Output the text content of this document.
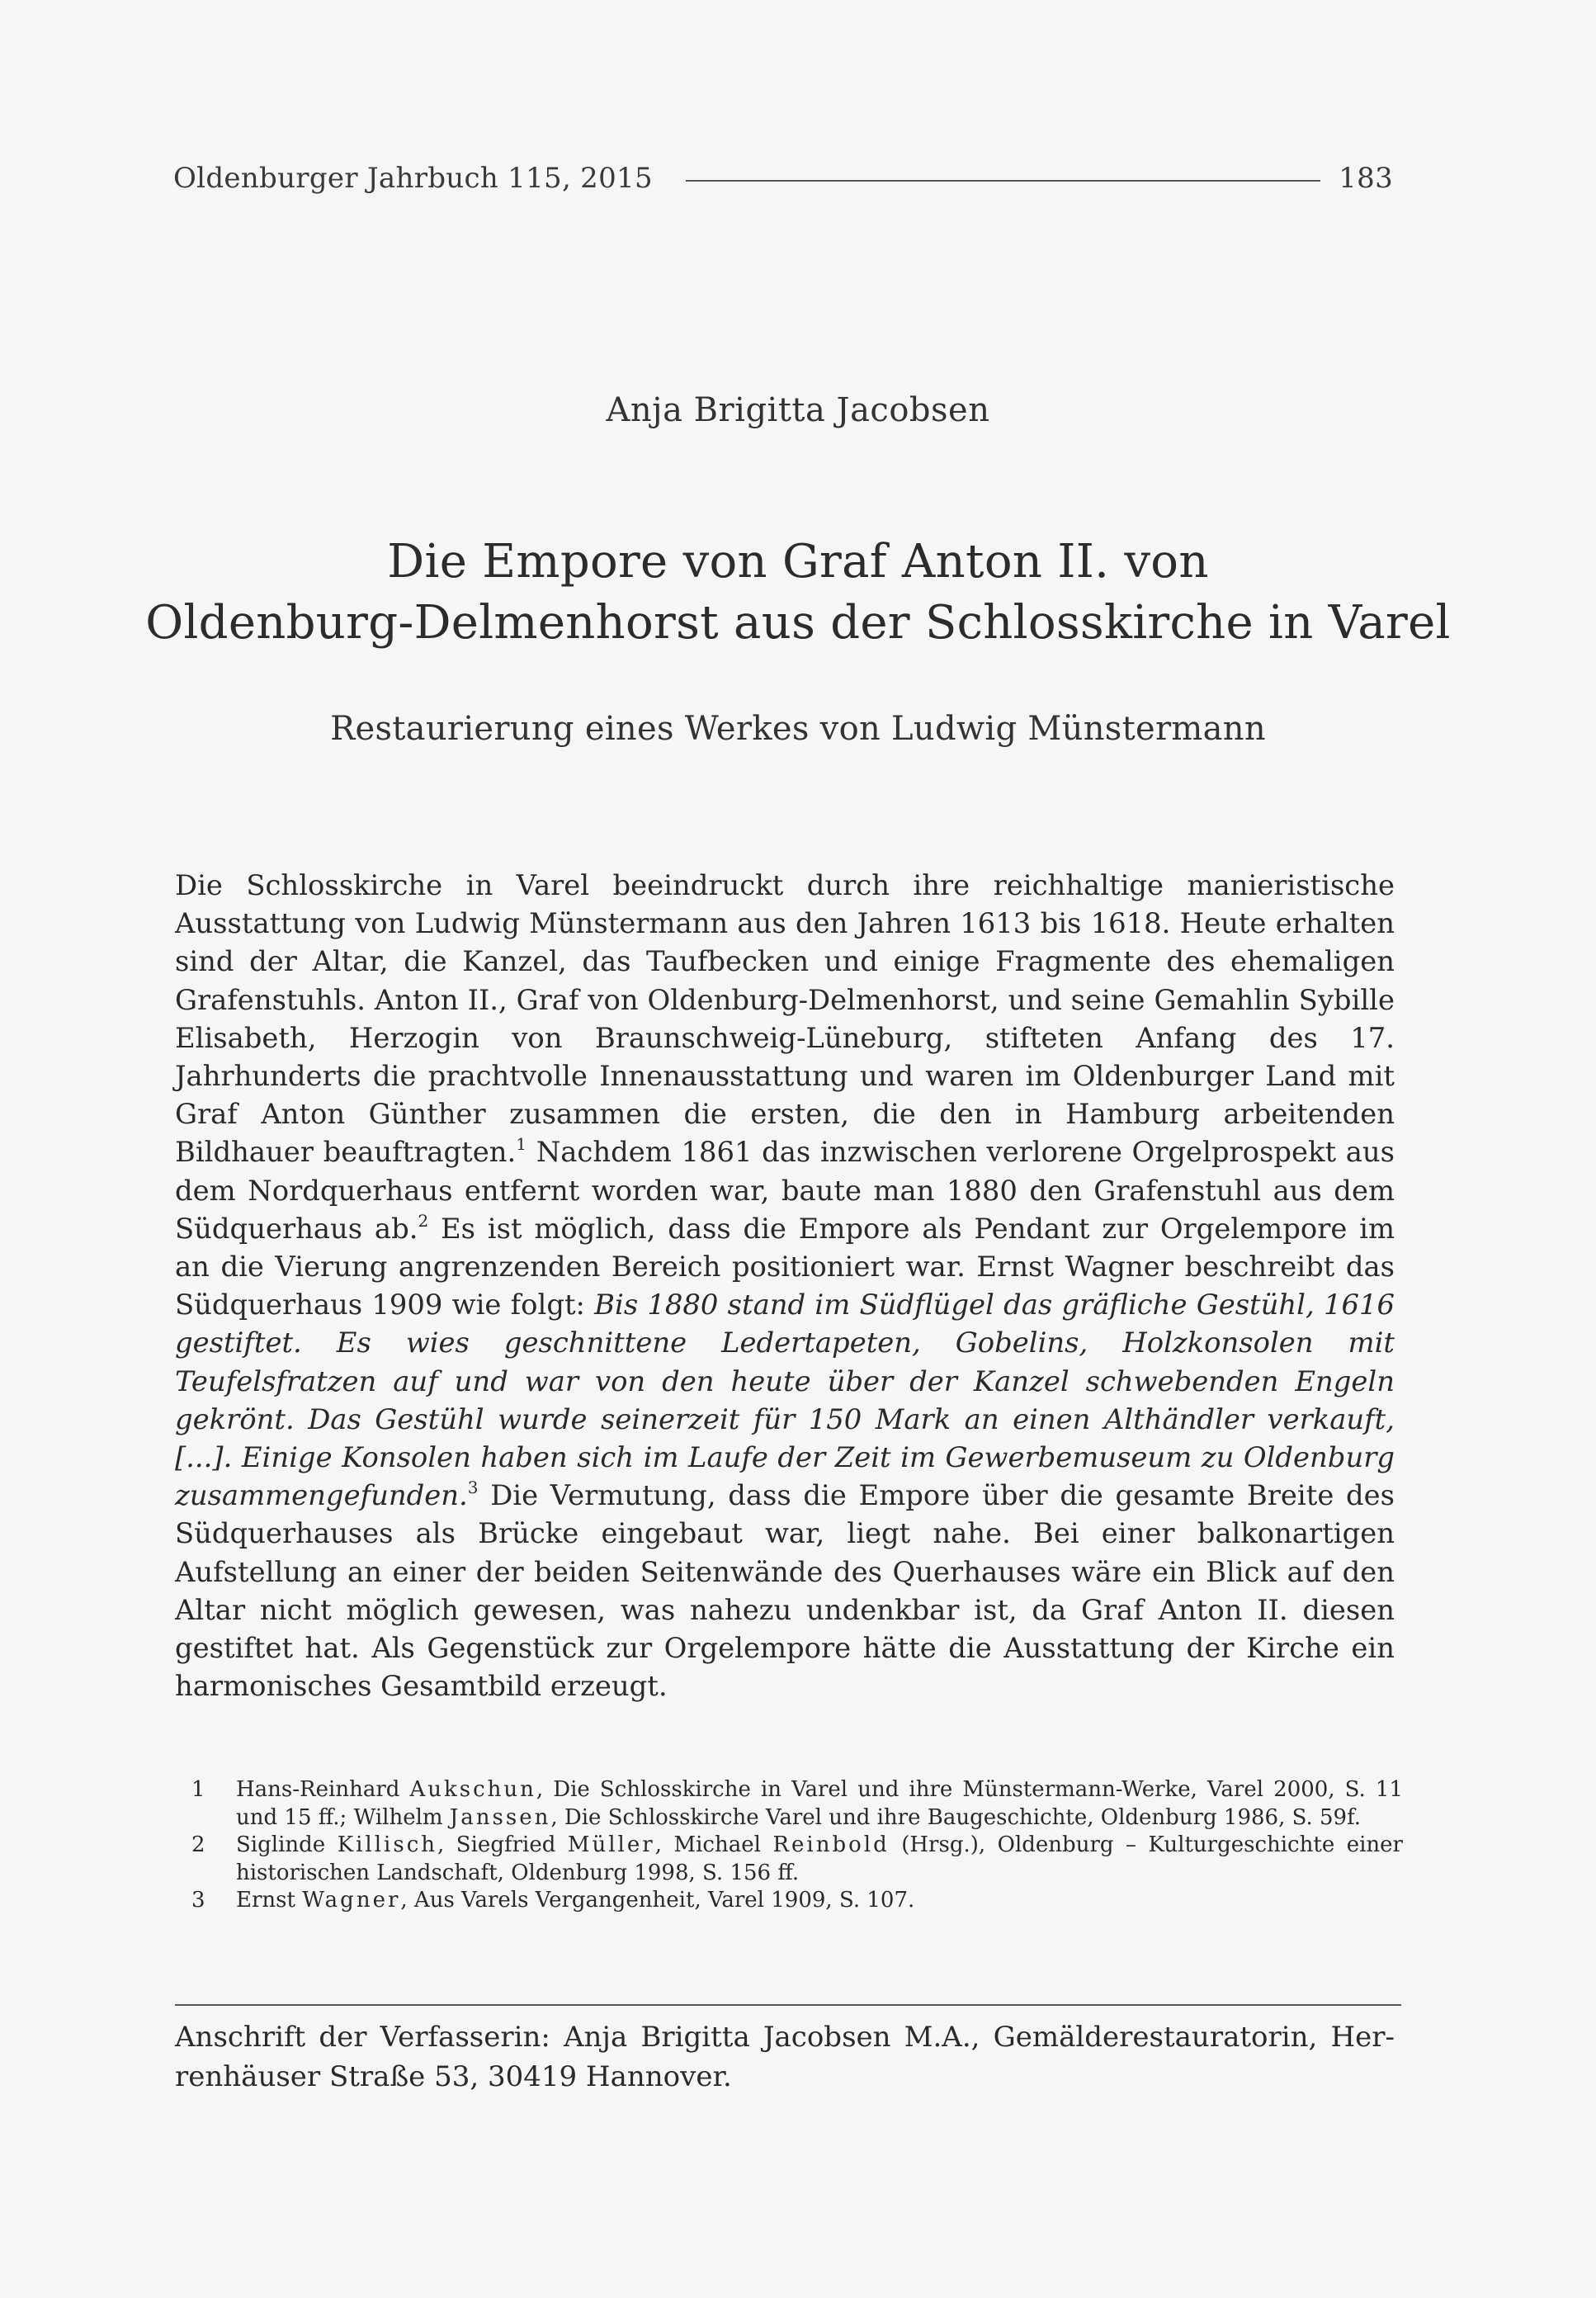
Oldenburger Jahrbuch 115, 2015	183
Anja Brigitta Jacobsen
Die Empore von Graf Anton II. von
Oldenburg-Delmenhorst aus der Schlosskirche in Varel
Restaurierung eines Werkes von Ludwig Münstermann
Die Schlosskirche in Varel beeindruckt durch ihre reichhaltige manieristische Ausstattung von Ludwig Münstermann aus den Jahren 1613 bis 1618. Heute erhalten sind der Altar, die Kanzel, das Taufbecken und einige Fragmente des ehemaligen Grafenstuhls. Anton II., Graf von Oldenburg-Delmenhorst, und seine Gemahlin Sybille Elisabeth, Herzogin von Braunschweig-Lüneburg, stifteten Anfang des 17. Jahrhunderts die prachtvolle Innenausstattung und waren im Oldenburger Land mit Graf Anton Günther zusammen die ersten, die den in Hamburg arbeitenden Bildhauer beauftragten.$^1$ Nachdem 1861 das inzwischen verlorene Orgelprospekt aus dem Nordquerhaus entfernt worden war, baute man 1880 den Grafenstuhl aus dem Südquerhaus ab.$^2$ Es ist möglich, dass die Empore als Pendant zur Orgelempore im an die Vierung angrenzenden Bereich positioniert war. Ernst Wagner beschreibt das Südquerhaus 1909 wie folgt: Bis 1880 stand im Südflügel das gräfliche Gestühl, 1616 gestiftet. Es wies geschnittene Ledertapeten, Gobelins, Holzkonsolen mit Teufelsfratzen auf und war von den heute über der Kanzel schwebenden Engeln gekrönt. Das Gestühl wurde seinerzeit für 150 Mark an einen Althändler verkauft, [...]. Einige Konsolen haben sich im Laufe der Zeit im Gewerbemuseum zu Oldenburg zusammengefunden.$^3$ Die Vermutung, dass die Empore über die gesamte Breite des Südquerhauses als Brücke eingebaut war, liegt nahe. Bei einer balkonartigen Aufstellung an einer der beiden Seitenwände des Querhauses wäre ein Blick auf den Altar nicht möglich gewesen, was nahezu undenkbar ist, da Graf Anton II. diesen gestiftet hat. Als Gegenstück zur Orgelempore hätte die Ausstattung der Kirche ein harmonisches Gesamtbild erzeugt.
1	Hans-Reinhard Aukschun, Die Schlosskirche in Varel und ihre Münstermann-Werke, Varel 2000, S. 11 und 15 ff.; Wilhelm Janssen, Die Schlosskirche Varel und ihre Baugeschichte, Oldenburg 1986, S. 59f.
2	Siglinde Killisch, Siegfried Müller, Michael Reinbold (Hrsg.), Oldenburg – Kulturgeschichte einer historischen Landschaft, Oldenburg 1998, S. 156 ff.
3	Ernst Wagner, Aus Varels Vergangenheit, Varel 1909, S. 107.
Anschrift der Verfasserin: Anja Brigitta Jacobsen M.A., Gemälderestauratorin, Herrenhäuser Straße 53, 30419 Hannover.
